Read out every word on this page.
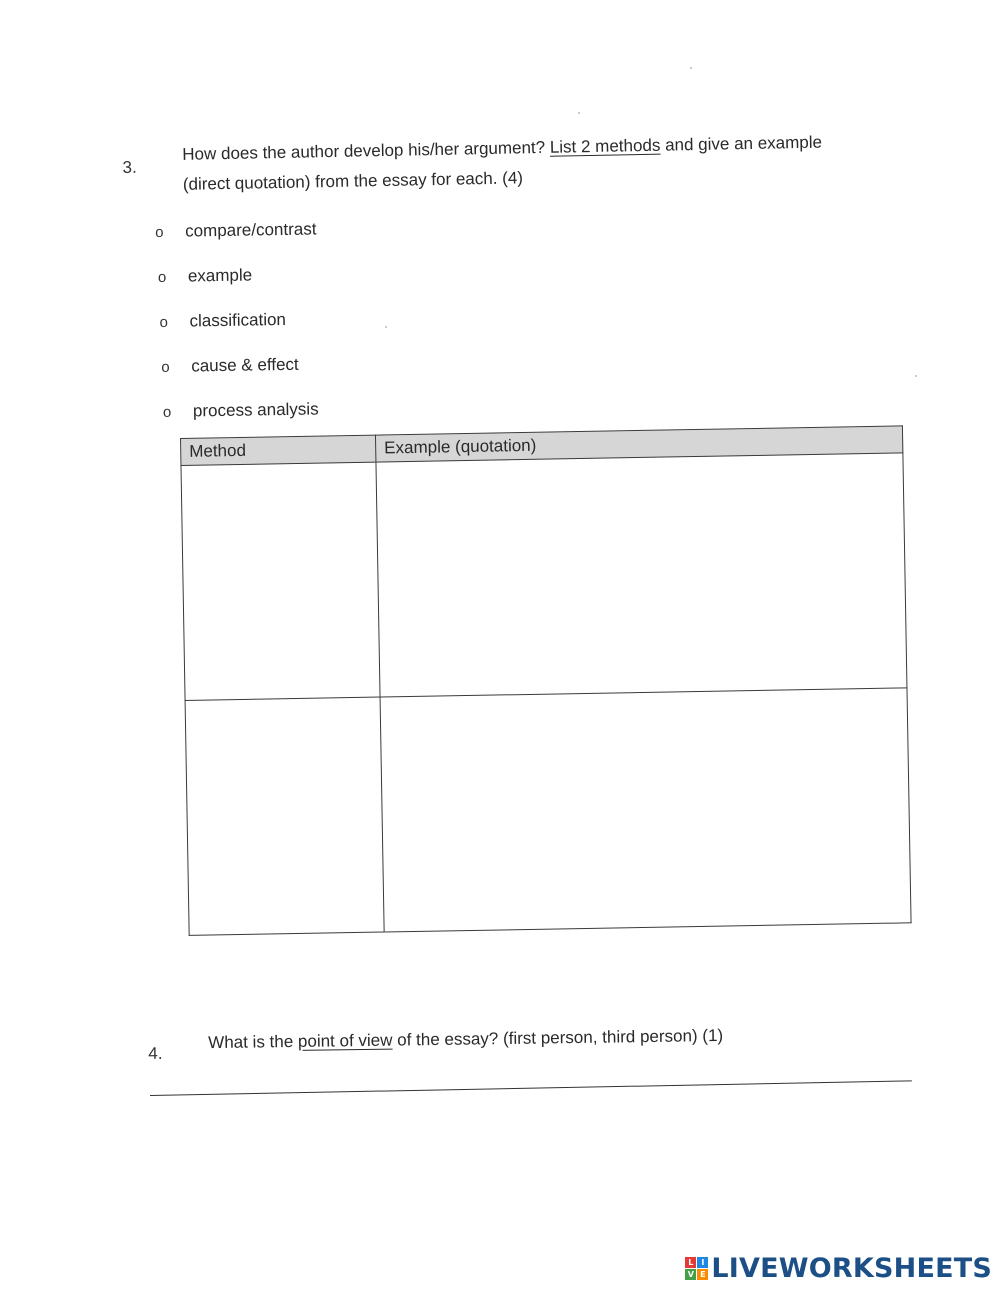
3.
How does the author develop his/her argument? List 2 methods and give an example
(direct quotation) from the essay for each. (4)
o compare/contrast
o example
o classification
o cause & effect
o process analysis
Method	Example (quotation)

4.
What is the point of view of the essay? (first person, third person) (1)
L I
V E LIVEWORKSHEETS
